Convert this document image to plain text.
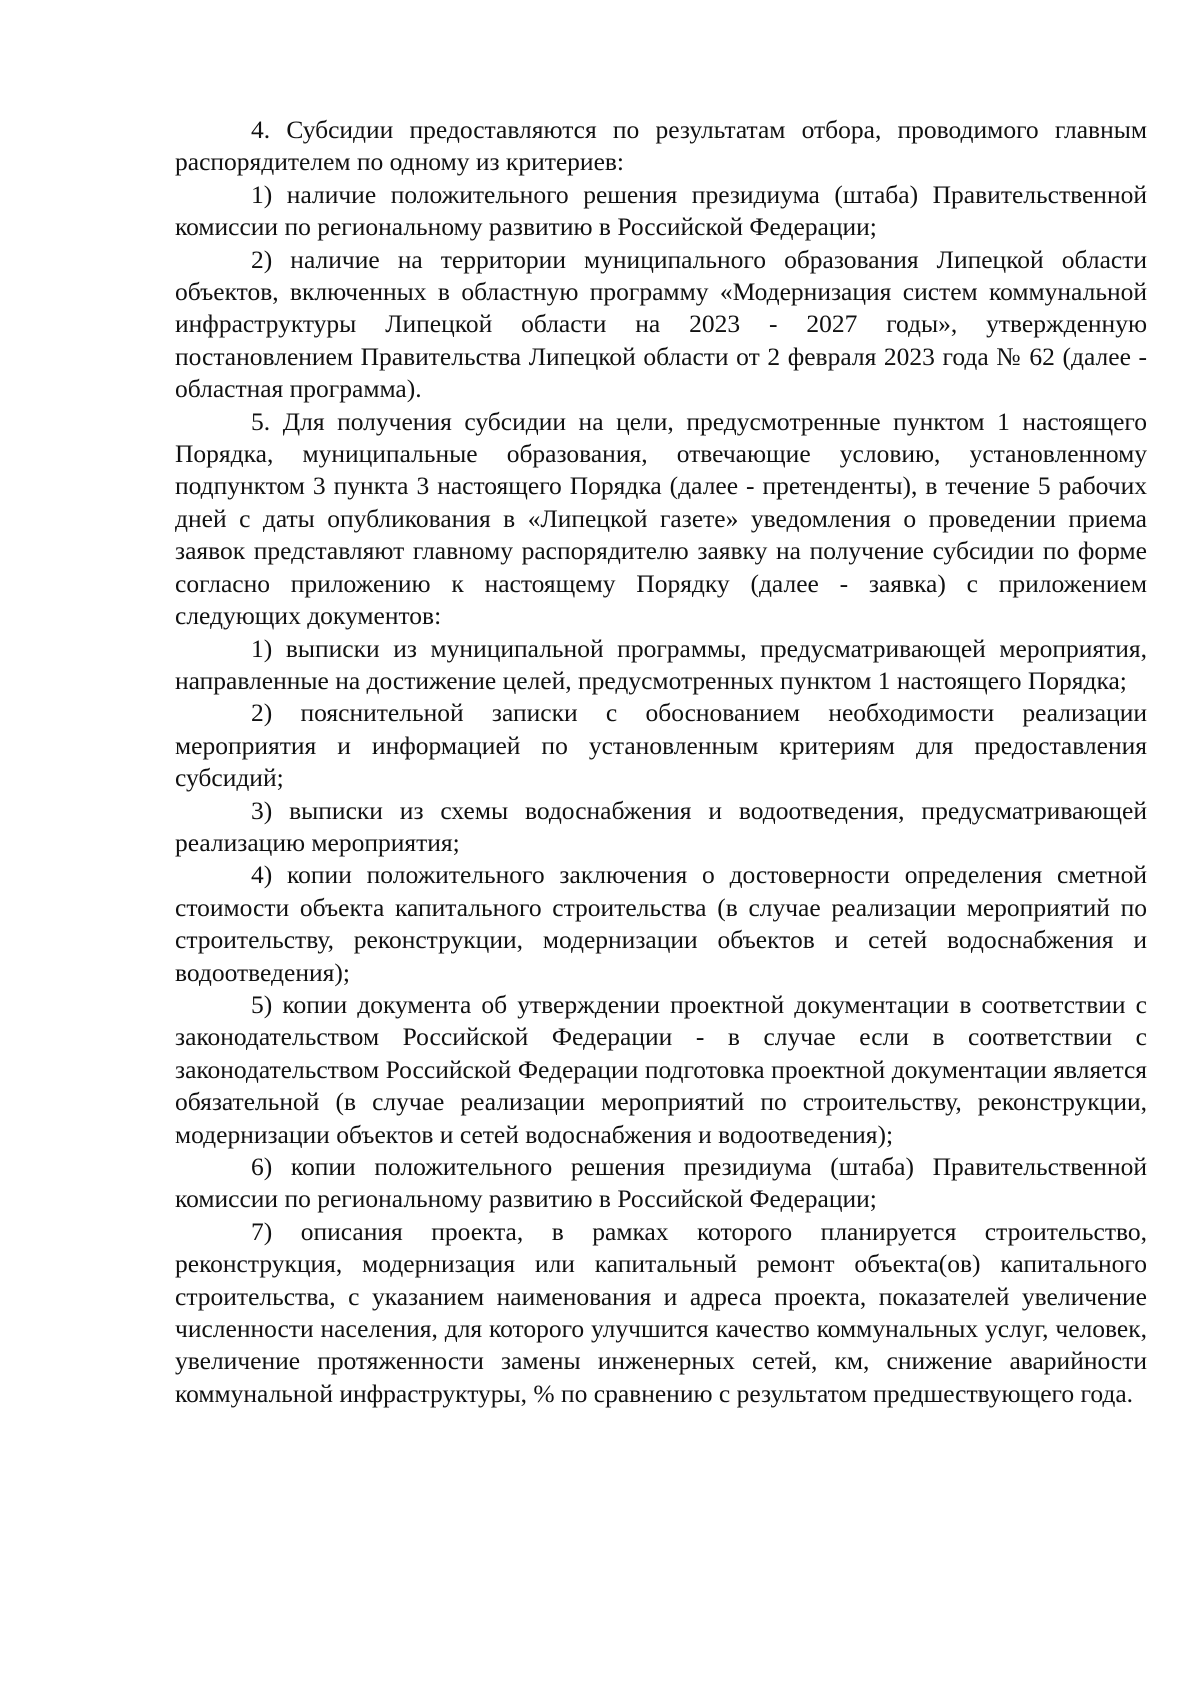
4. Субсидии предоставляются по результатам отбора, проводимого главным распорядителем по одному из критериев:

1) наличие положительного решения президиума (штаба) Правительственной комиссии по региональному развитию в Российской Федерации;

2) наличие на территории муниципального образования Липецкой области объектов, включенных в областную программу «Модернизация систем коммунальной инфраструктуры Липецкой области на 2023 - 2027 годы», утвержденную постановлением Правительства Липецкой области от 2 февраля 2023 года № 62 (далее - областная программа).

5. Для получения субсидии на цели, предусмотренные пунктом 1 настоящего Порядка, муниципальные образования, отвечающие условию, установленному подпунктом 3 пункта 3 настоящего Порядка (далее - претенденты), в течение 5 рабочих дней с даты опубликования в «Липецкой газете» уведомления о проведении приема заявок представляют главному распорядителю заявку на получение субсидии по форме согласно приложению к настоящему Порядку (далее - заявка) с приложением следующих документов:

1) выписки из муниципальной программы, предусматривающей мероприятия, направленные на достижение целей, предусмотренных пунктом 1 настоящего Порядка;

2) пояснительной записки с обоснованием необходимости реализации мероприятия и информацией по установленным критериям для предоставления субсидий;

3) выписки из схемы водоснабжения и водоотведения, предусматривающей реализацию мероприятия;

4) копии положительного заключения о достоверности определения сметной стоимости объекта капитального строительства (в случае реализации мероприятий по строительству, реконструкции, модернизации объектов и сетей водоснабжения и водоотведения);

5) копии документа об утверждении проектной документации в соответствии с законодательством Российской Федерации - в случае если в соответствии с законодательством Российской Федерации подготовка проектной документации является обязательной (в случае реализации мероприятий по строительству, реконструкции, модернизации объектов и сетей водоснабжения и водоотведения);

6) копии положительного решения президиума (штаба) Правительственной комиссии по региональному развитию в Российской Федерации;

7) описания проекта, в рамках которого планируется строительство, реконструкция, модернизация или капитальный ремонт объекта(ов) капитального строительства, с указанием наименования и адреса проекта, показателей увеличение численности населения, для которого улучшится качество коммунальных услуг, человек, увеличение протяженности замены инженерных сетей, км, снижение аварийности коммунальной инфраструктуры, % по сравнению с результатом предшествующего года.
